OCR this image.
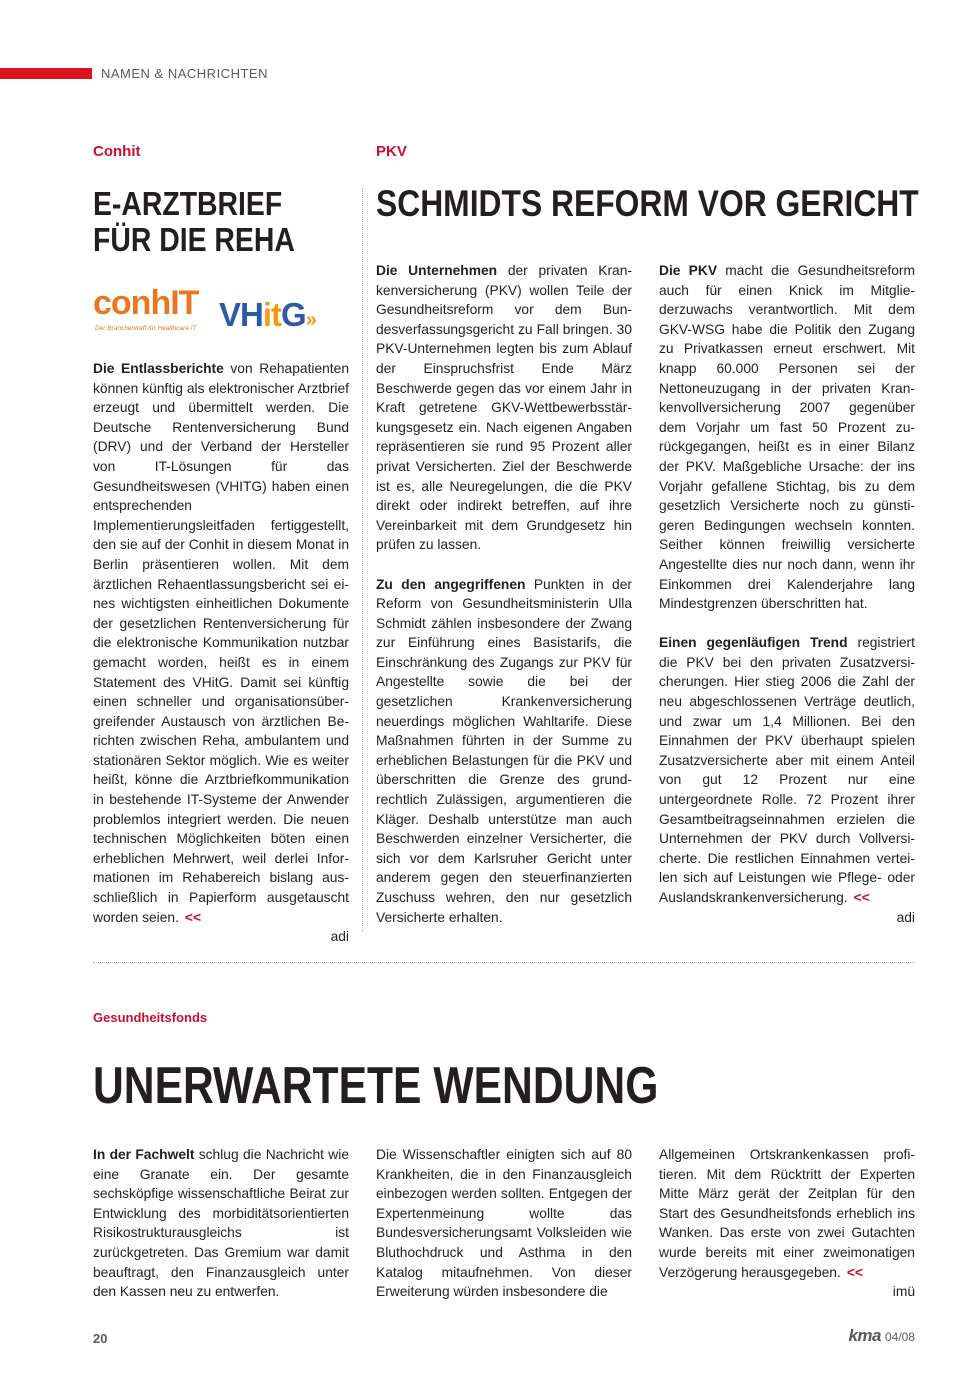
NAMEN & NACHRICHTEN
Conhit
E-ARZTBRIEF FÜR DIE REHA
conhIT
Der Branchentreff für Healthcare IT VHitG»

Die Entlassberichte von Rehapatienten können künftig als elektronischer Arztbrief erzeugt und übermittelt werden. Die Deutsche Rentenversicherung Bund (DRV) und der Verband der Hersteller von IT-Lösungen für das Gesundheitswesen (VHITG) haben einen entsprechenden Implementierungsleitfaden fertiggestellt, den sie auf der Conhit in diesem Monat in Berlin präsentieren wollen. Mit dem ärztlichen Rehaentlassungsbericht sei eines wichtigsten einheitlichen Dokumente der gesetzlichen Rentenversicherung für die elektronische Kommunikation nutzbar gemacht worden, heißt es in einem Statement des VHitG. Damit sei künftig einen schneller und organisationsübergreifender Austausch von ärztlichen Berichten zwischen Reha, ambulantem und stationären Sektor möglich. Wie es weiter heißt, könne die Arztbriefkommunikation in bestehende IT-Systeme der Anwender problemlos integriert werden. Die neuen technischen Möglichkeiten böten einen erheblichen Mehrwert, weil derlei Informationen im Rehabereich bislang ausschließlich in Papierform ausgetauscht worden seien. <<

adi
PKV
SCHMIDTS REFORM VOR GERICHT

Die Unternehmen der privaten Krankenversicherung (PKV) wollen Teile der Gesundheitsreform vor dem Bundesverfassungsgericht zu Fall bringen. 30 PKV-Unternehmen legten bis zum Ablauf der Einspruchsfrist Ende März Beschwerde gegen das vor einem Jahr in Kraft getretene GKV-Wettbewerbsstärkungsgesetz ein. Nach eigenen Angaben repräsentieren sie rund 95 Prozent aller privat Versicherten. Ziel der Beschwerde ist es, alle Neuregelungen, die die PKV direkt oder indirekt betreffen, auf ihre Vereinbarkeit mit dem Grundgesetz hin prüfen zu lassen.

Zu den angegriffenen Punkten in der Reform von Gesundheitsministerin Ulla Schmidt zählen insbesondere der Zwang zur Einführung eines Basistarifs, die Einschränkung des Zugangs zur PKV für Angestellte sowie die bei der gesetzlichen Krankenversicherung neuerdings möglichen Wahltarife. Diese Maßnahmen führten in der Summe zu erheblichen Belastungen für die PKV und überschritten die Grenze des grundrechtlich Zulässigen, argumentieren die Kläger. Deshalb unterstütze man auch Beschwerden einzelner Versicherter, die sich vor dem Karlsruher Gericht unter anderem gegen den steuerfinanzierten Zuschuss wehren, den nur gesetzlich Versicherte erhalten.

Die PKV macht die Gesundheitsreform auch für einen Knick im Mitgliederzuwachs verantwortlich. Mit dem GKV-WSG habe die Politik den Zugang zu Privatkassen erneut erschwert. Mit knapp 60.000 Personen sei der Nettoneuzugang in der privaten Krankenvollversicherung 2007 gegenüber dem Vorjahr um fast 50 Prozent zurückgegangen, heißt es in einer Bilanz der PKV. Maßgebliche Ursache: der ins Vorjahr gefallene Stichtag, bis zu dem gesetzlich Versicherte noch zu günstigeren Bedingungen wechseln konnten. Seither können freiwillig versicherte Angestellte dies nur noch dann, wenn ihr Einkommen drei Kalenderjahre lang Mindestgrenzen überschritten hat.

Einen gegenläufigen Trend registriert die PKV bei den privaten Zusatzversicherungen. Hier stieg 2006 die Zahl der neu abgeschlossenen Verträge deutlich, und zwar um 1,4 Millionen. Bei den Einnahmen der PKV überhaupt spielen Zusatzversicherte aber mit einem Anteil von gut 12 Prozent nur eine untergeordnete Rolle. 72 Prozent ihrer Gesamtbeitragseinnahmen erzielen die Unternehmen der PKV durch Vollversicherte. Die restlichen Einnahmen verteilen sich auf Leistungen wie Pflege- oder Auslandskrankenversicherung. <<

adi
Gesundheitsfonds
UNERWARTETE WENDUNG

In der Fachwelt schlug die Nachricht wie eine Granate ein. Der gesamte sechsköpfige wissenschaftliche Beirat zur Entwicklung des morbiditätsorientierten Risikostrukturausgleichs ist zurückgetreten. Das Gremium war damit beauftragt, den Finanzausgleich unter den Kassen neu zu entwerfen.

Die Wissenschaftler einigten sich auf 80 Krankheiten, die in den Finanzausgleich einbezogen werden sollten. Entgegen der Expertenmeinung wollte das Bundesversicherungsamt Volksleiden wie Bluthochdruck und Asthma in den Katalog mitaufnehmen. Von dieser Erweiterung würden insbesondere die

Allgemeinen Ortskrankenkassen profitieren. Mit dem Rücktritt der Experten Mitte März gerät der Zeitplan für den Start des Gesundheitsfonds erheblich ins Wanken. Das erste von zwei Gutachten wurde bereits mit einer zweimonatigen Verzögerung herausgegeben. <<

imü
20	kma 04/08
